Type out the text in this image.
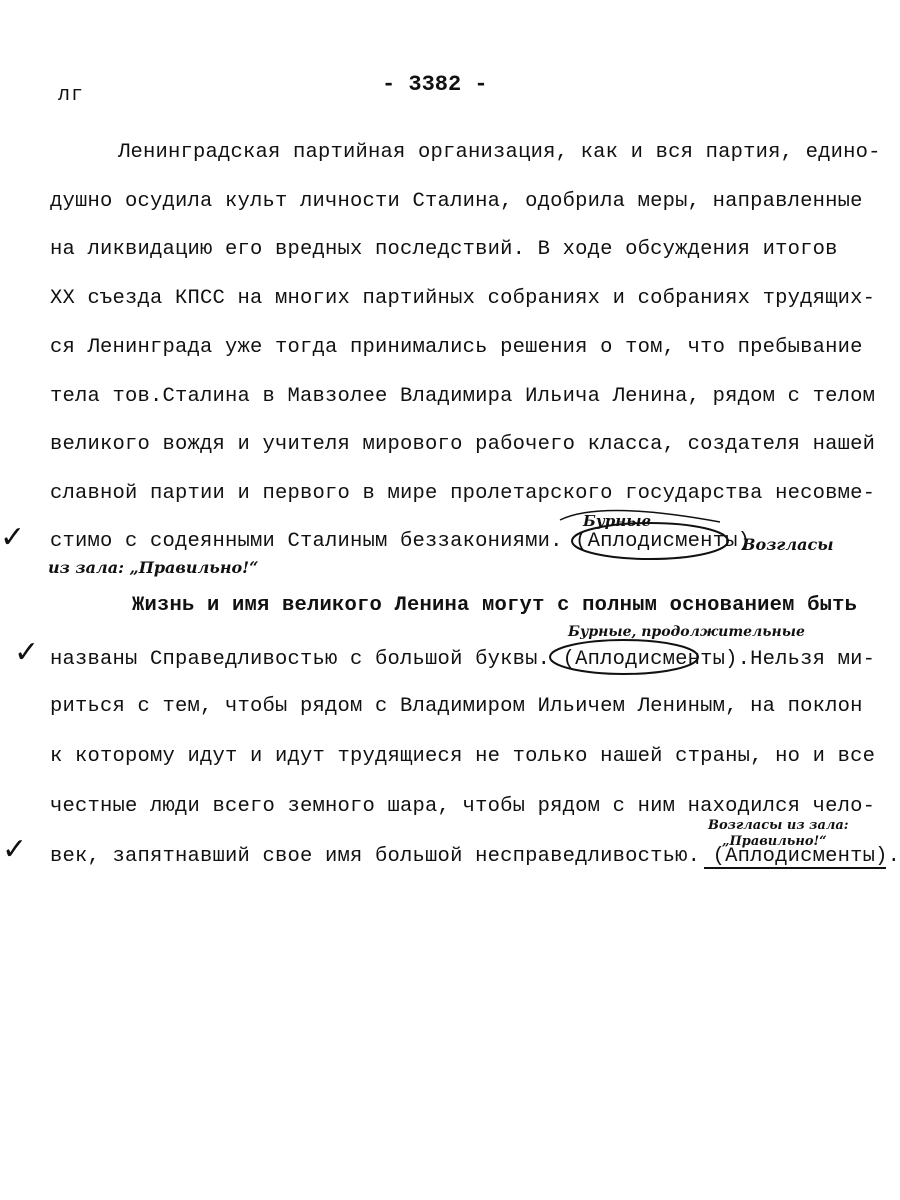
лг	- 3382 -
Ленинградская партийная организация, как и вся партия, едино-
душно осудила культ личности Сталина, одобрила меры, направленные
на ликвидацию его вредных последствий. В ходе обсуждения итогов
XX съезда КПСС на многих партийных собраниях и собраниях трудящих-
ся Ленинграда уже тогда принимались решения о том, что пребывание
тела тов.Сталина в Мавзолее Владимира Ильича Ленина, рядом с телом
великого вождя и учителя мирового рабочего класса, создателя нашей
славной партии и первого в мире пролетарского государства несовме-
стимо с содеянными Сталиным беззакониями. (Аплодисменты)
Бурные
Возгласы
из зала: „Правильно!“
Жизнь и имя великого Ленина могут с полным основанием быть
названы Справедливостью с большой буквы. (Аплодисменты).Нельзя ми-
риться с тем, чтобы рядом с Владимиром Ильичем Лениным, на поклон
к которому идут и идут трудящиеся не только нашей страны, но и все
честные люди всего земного шара, чтобы рядом с ним находился чело-
век, запятнавший свое имя большой несправедливостью. (Аплодисменты).
Бурные, продолжительные
Возгласы из зала:
„Правильно!“
✓
✓
✓
